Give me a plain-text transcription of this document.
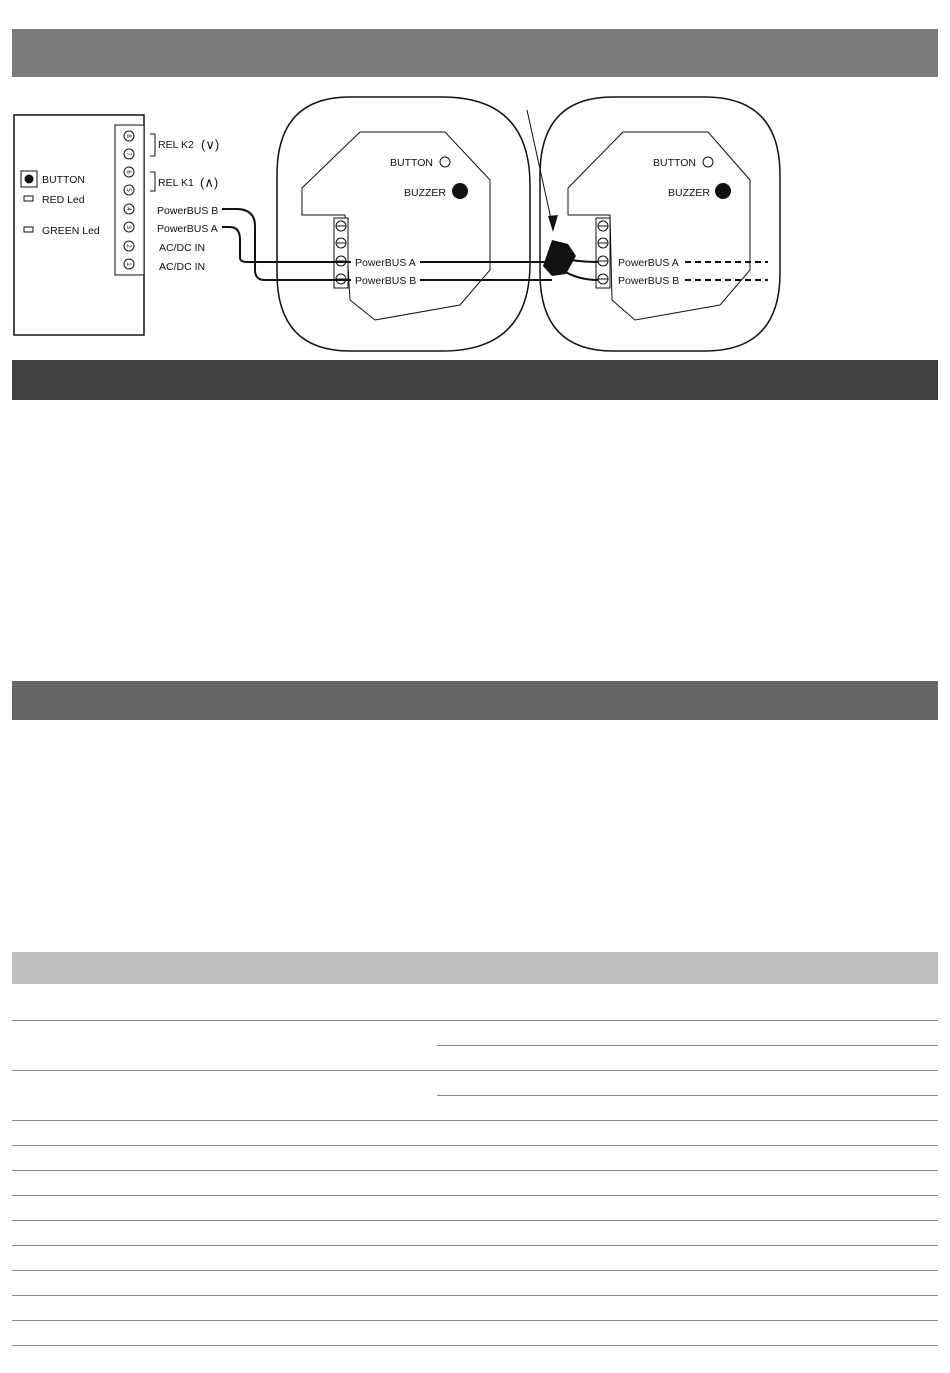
BUTTON
RED Led
GREEN Led
8
7
6
5
4
3
2
1
REL K2 (∨)
REL K1 (∧)
PowerBUS B
PowerBUS A
AC/DC IN
AC/DC IN
BUTTON
BUZZER
PowerBUS A
PowerBUS B
BUTTON
BUZZER
PowerBUS A
PowerBUS B
